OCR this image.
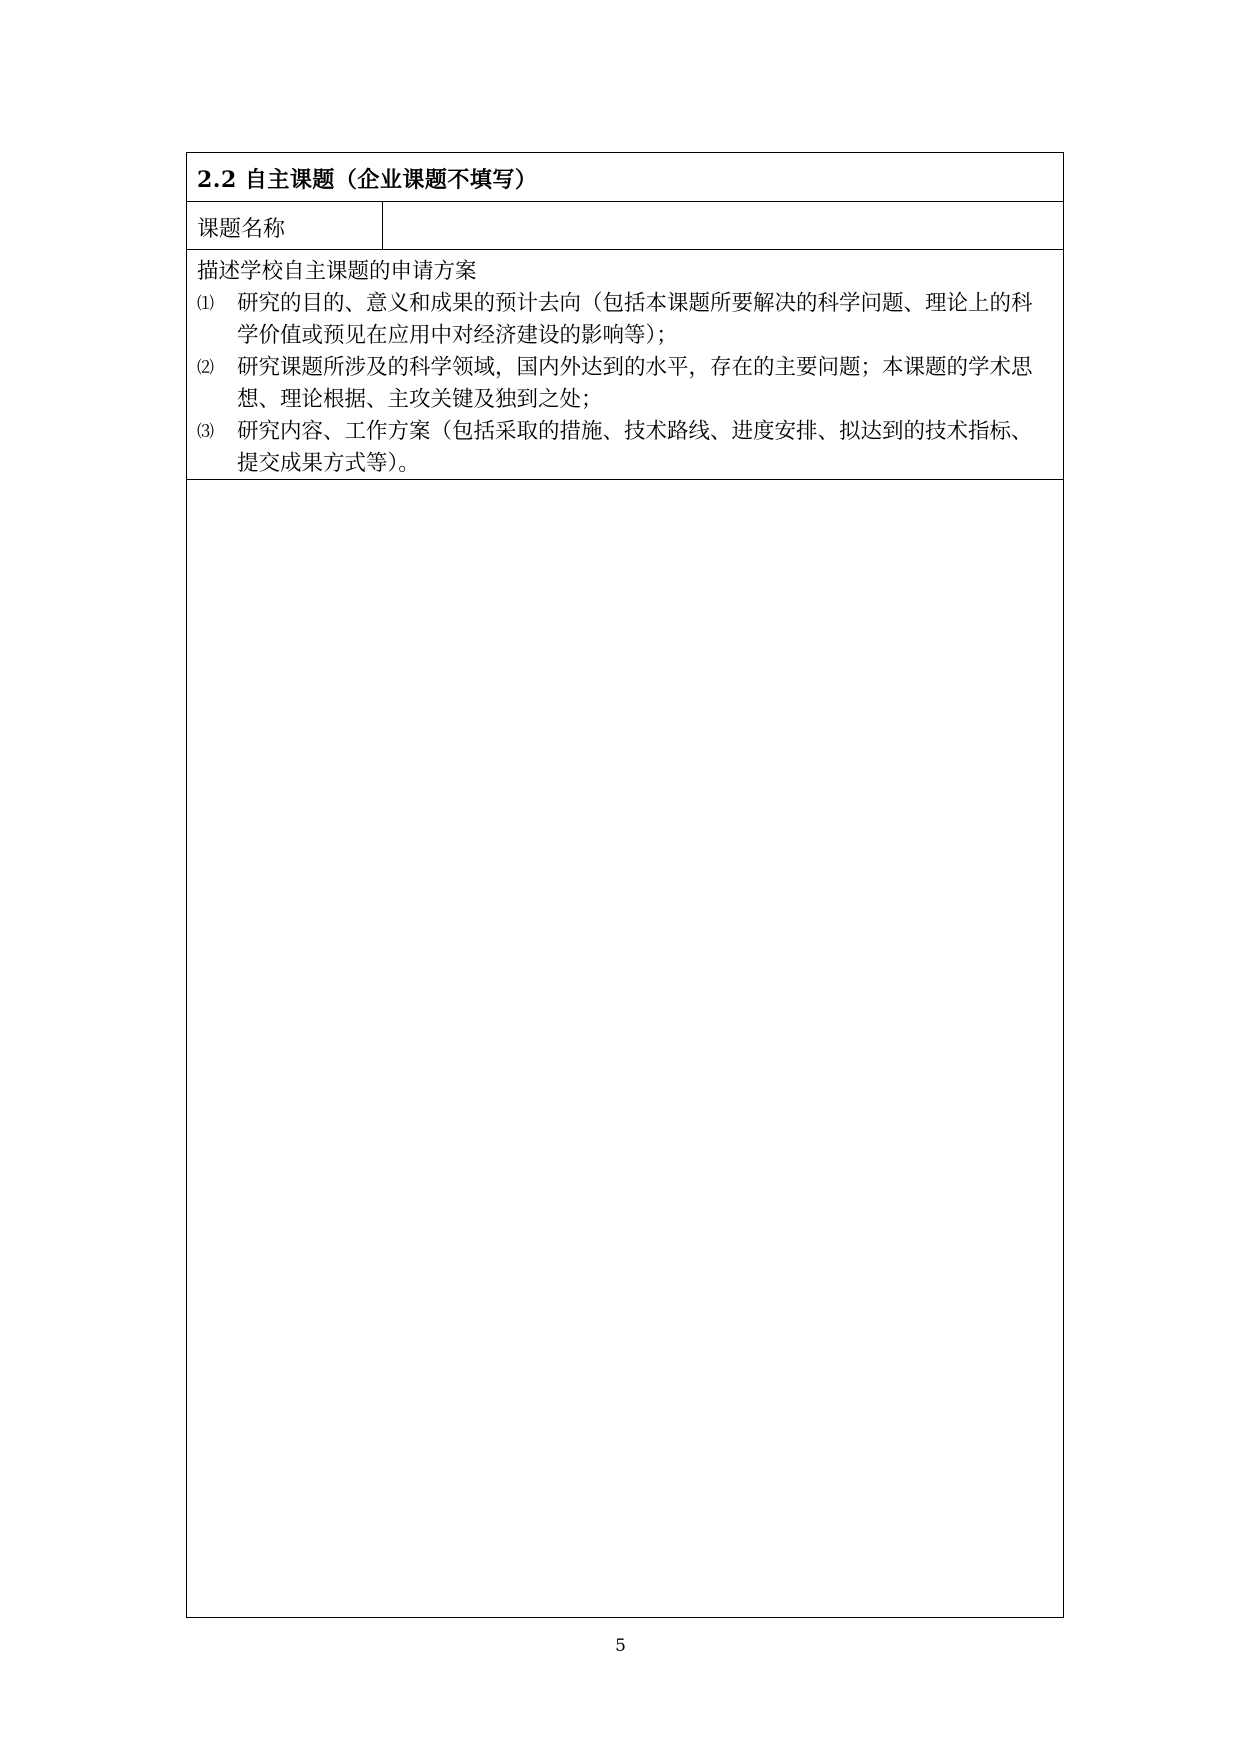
2.2 自主课题（企业课题不填写）
课题名称
描述学校自主课题的申请方案
⑴ 研究的目的、意义和成果的预计去向（包括本课题所要解决的科学问题、理论上的科学价值或预见在应用中对经济建设的影响等）；
⑵ 研究课题所涉及的科学领域，国内外达到的水平，存在的主要问题；本课题的学术思想、理论根据、主攻关键及独到之处；
⑶ 研究内容、工作方案（包括采取的措施、技术路线、进度安排、拟达到的技术指标、提交成果方式等）。
5
